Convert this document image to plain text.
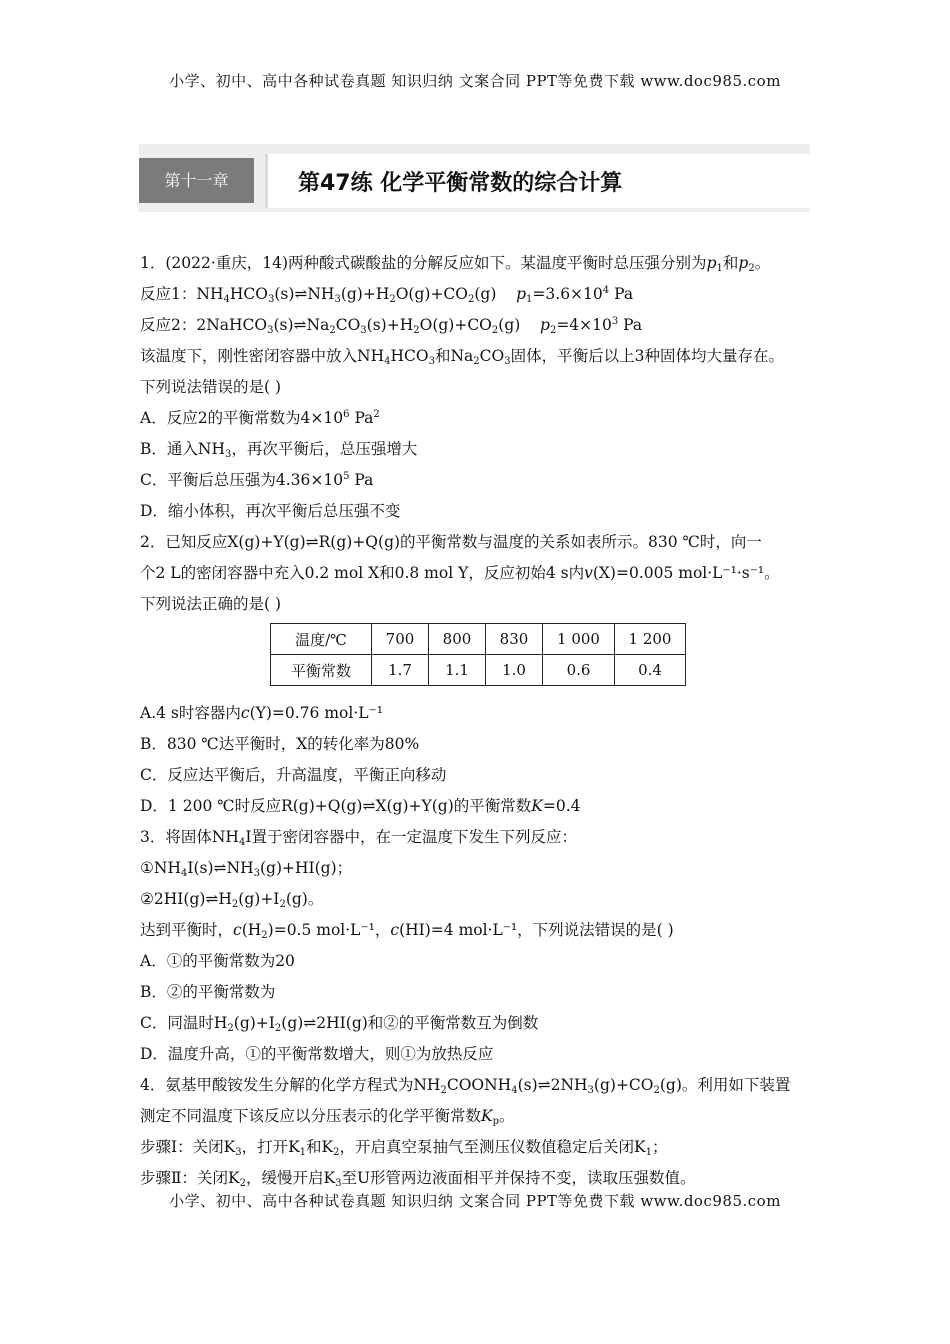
小学、初中、高中各种试卷真题 知识归纳 文案合同 PPT等免费下载 www.doc985.com
第十一章	第47练 化学平衡常数的综合计算
1．(2022·重庆，14)两种酸式碳酸盐的分解反应如下。某温度平衡时总压强分别为$p_1$和$p_2$。
反应1：$NH_4HCO_3(s)\rightleftharpoons NH_3(g)+H_2O(g)+CO_2(g)$    $p_1=3.6\times 10^4$ Pa
反应2：$2NaHCO_3(s)\rightleftharpoons Na_2CO_3(s)+H_2O(g)+CO_2(g)$    $p_2=4\times 10^3$ Pa
该温度下，刚性密闭容器中放入$NH_4HCO_3$和$Na_2CO_3$固体，平衡后以上3种固体均大量存在。
下列说法错误的是( )
A．反应2的平衡常数为$4\times 10^6$ Pa$^2$
B．通入$NH_3$，再次平衡后，总压强增大
C．平衡后总压强为$4.36\times 10^5$ Pa
D．缩小体积，再次平衡后总压强不变
2．已知反应X(g)+Y(g)⇌R(g)+Q(g)的平衡常数与温度的关系如表所示。830 ℃时，向一
个2 L的密闭容器中充入0.2 mol X和0.8 mol Y，反应初始4 s内v(X)=0.005 mol·L⁻¹·s⁻¹。
下列说法正确的是( )
温度/℃	700	800	830	1 000	1 200
平衡常数	1.7	1.1	1.0	0.6	0.4
A.4 s时容器内c(Y)=0.76 mol·L⁻¹
B．830 ℃达平衡时，X的转化率为80%
C．反应达平衡后，升高温度，平衡正向移动
D．1 200 ℃时反应R(g)+Q(g)⇌X(g)+Y(g)的平衡常数K=0.4
3．将固体$NH_4I$置于密闭容器中，在一定温度下发生下列反应：
$①NH_4I(s)\rightleftharpoons NH_3(g)+HI(g)$；
$②2HI(g)\rightleftharpoons H_2(g)+I_2(g)$。
达到平衡时，$c(H_2)=0.5$ mol·L⁻¹，c(HI)=4 mol·L⁻¹，下列说法错误的是( )
A．①的平衡常数为20
B．②的平衡常数为
C．同温时$H_2(g)+I_2(g)\rightleftharpoons 2HI(g)$和②的平衡常数互为倒数
D．温度升高，①的平衡常数增大，则①为放热反应
4．氨基甲酸铵发生分解的化学方程式为$NH_2COONH_4(s)\rightleftharpoons 2NH_3(g)+CO_2(g)$。利用如下装置
测定不同温度下该反应以分压表示的化学平衡常数$K_p$。
步骤Ⅰ：关闭$K_3$，打开$K_1$和$K_2$，开启真空泵抽气至测压仪数值稳定后关闭$K_1$；
步骤Ⅱ：关闭$K_2$，缓慢开启$K_3$至U形管两边液面相平并保持不变，读取压强数值。
小学、初中、高中各种试卷真题 知识归纳 文案合同 PPT等免费下载 www.doc985.com
